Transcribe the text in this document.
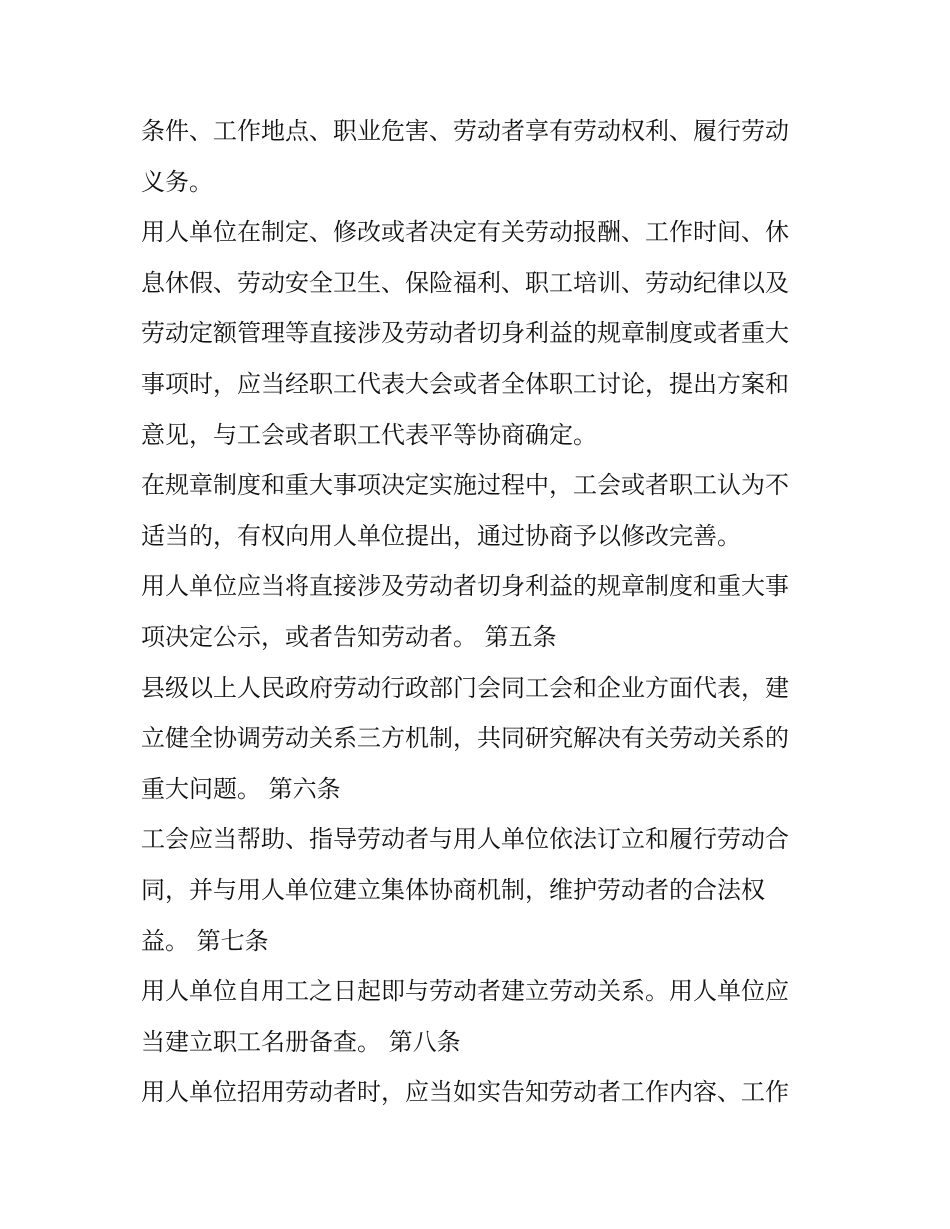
条件、工作地点、职业危害、劳动者享有劳动权利、履行劳动

义务。

用人单位在制定、修改或者决定有关劳动报酬、工作时间、休

息休假、劳动安全卫生、保险福利、职工培训、劳动纪律以及

劳动定额管理等直接涉及劳动者切身利益的规章制度或者重大

事项时，应当经职工代表大会或者全体职工讨论，提出方案和

意见，与工会或者职工代表平等协商确定。

在规章制度和重大事项决定实施过程中，工会或者职工认为不

适当的，有权向用人单位提出，通过协商予以修改完善。

用人单位应当将直接涉及劳动者切身利益的规章制度和重大事

项决定公示，或者告知劳动者。 第五条

县级以上人民政府劳动行政部门会同工会和企业方面代表，建

立健全协调劳动关系三方机制，共同研究解决有关劳动关系的

重大问题。 第六条

工会应当帮助、指导劳动者与用人单位依法订立和履行劳动合

同，并与用人单位建立集体协商机制，维护劳动者的合法权

益。 第七条

用人单位自用工之日起即与劳动者建立劳动关系。用人单位应

当建立职工名册备查。 第八条

用人单位招用劳动者时，应当如实告知劳动者工作内容、工作
